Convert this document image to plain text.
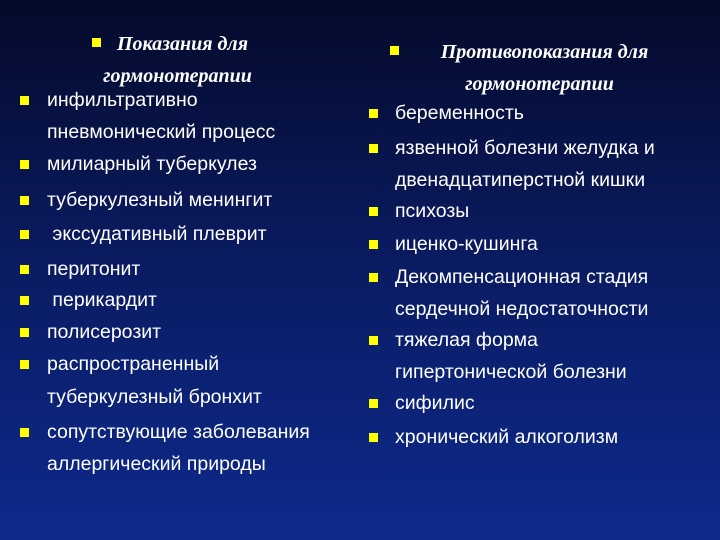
Показания для
гормонотерапии
инфильтративно
пневмонический процесс
милиарный туберкулез
туберкулезный менингит
экссудативный плеврит
перитонит
перикардит
полисерозит
распространенный
туберкулезный бронхит
сопутствующие заболевания
аллергический природы
Противопоказания для
гормонотерапии
беременность
язвенной болезни желудка и
двенадцатиперстной кишки
психозы
иценко-кушинга
Декомпенсационная стадия
сердечной недостаточности
тяжелая форма
гипертонической болезни
сифилис
хронический алкоголизм
